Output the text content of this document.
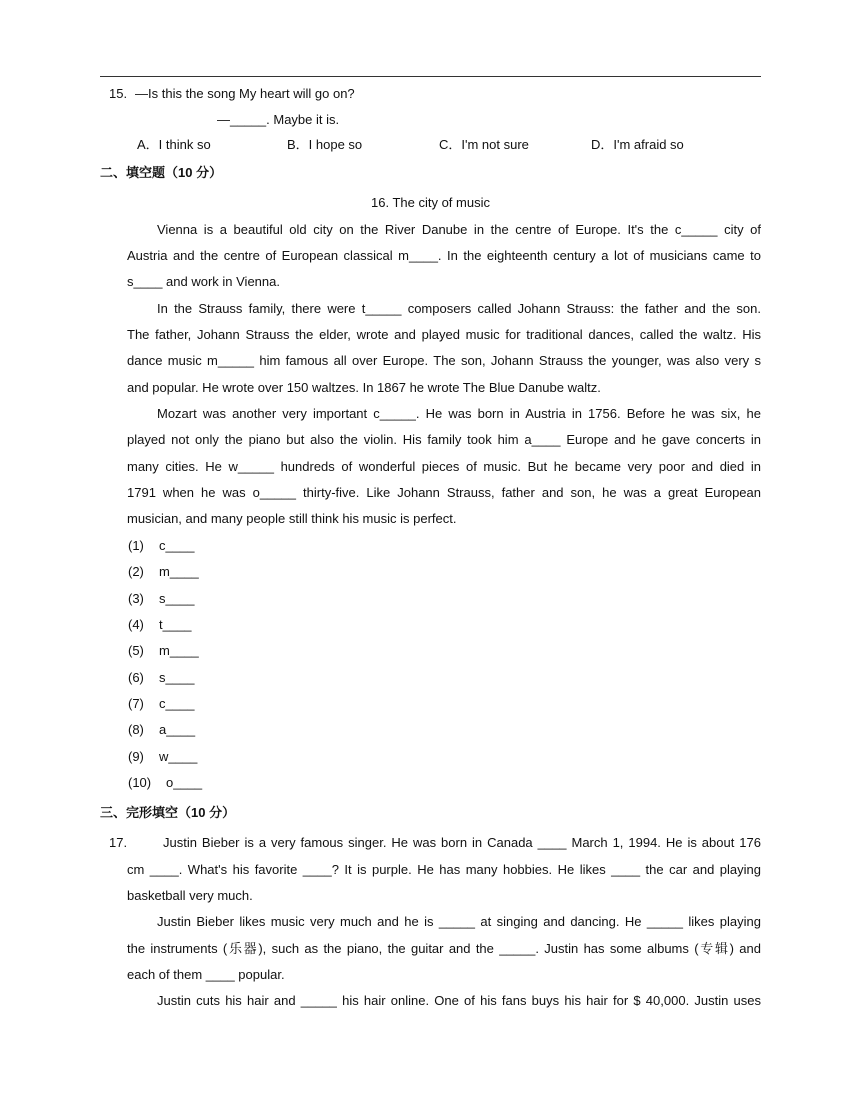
15. —Is this the song My heart will go on?
—_____. Maybe it is.
A．I think so	B．I hope so	C．I'm not sure	D．I'm afraid so
二、填空题（10 分）
16. The city of music
Vienna is a beautiful old city on the River Danube in the centre of Europe. It's the c_____ city of
Austria and the centre of European classical m____. In the eighteenth century a lot of musicians came to
s____ and work in Vienna.
In the Strauss family, there were t_____ composers called Johann Strauss: the father and the son.
The father, Johann Strauss the elder, wrote and played music for traditional dances, called the waltz. His
dance music m_____ him famous all over Europe. The son, Johann Strauss the younger, was also very s
and popular. He wrote over 150 waltzes. In 1867 he wrote The Blue Danube waltz.
Mozart was another very important c_____. He was born in Austria in 1756. Before he was six, he
played not only the piano but also the violin. His family took him a____ Europe and he gave concerts in
many cities. He w_____ hundreds of wonderful pieces of music. But he became very poor and died in
1791 when he was o_____ thirty-five. Like Johann Strauss, father and son, he was a great European
musician, and many people still think his music is perfect.
(1) c____
(2) m____
(3) s____
(4) t____
(5) m____
(6) s____
(7) c____
(8) a____
(9) w____
(10) o____
三、完形填空（10 分）
17.	Justin Bieber is a very famous singer. He was born in Canada ____ March 1, 1994. He is about 176
cm ____. What's his favorite ____? It is purple. He has many hobbies. He likes ____ the car and playing
basketball very much.
Justin Bieber likes music very much and he is _____ at singing and dancing. He _____ likes playing
the instruments (乐器), such as the piano, the guitar and the _____. Justin has some albums (专辑) and
each of them ____ popular.
Justin cuts his hair and _____ his hair online. One of his fans buys his hair for $ 40,000. Justin uses
